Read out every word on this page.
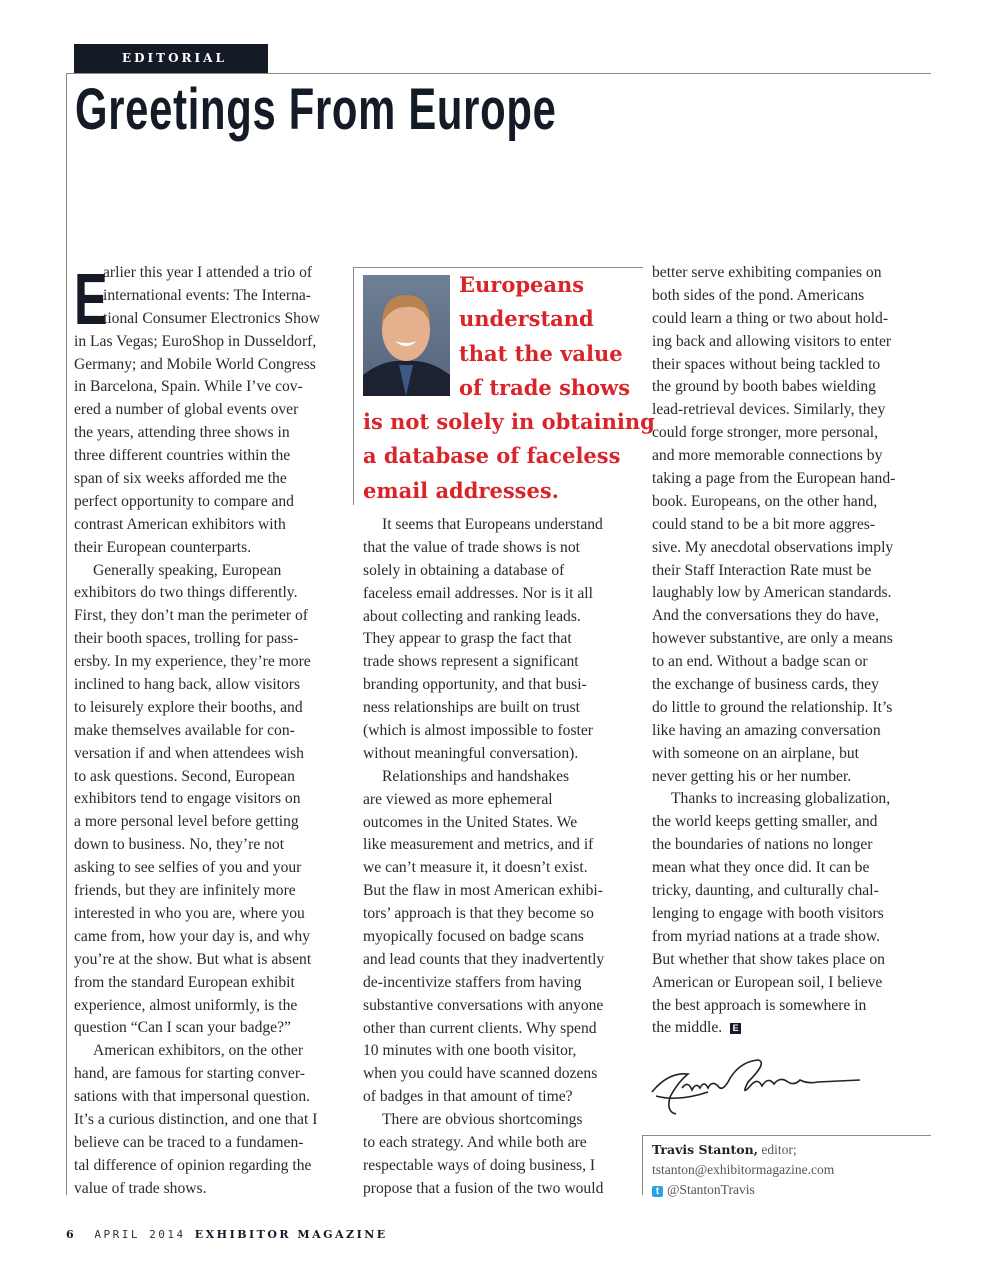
EDITORIAL
Greetings From Europe
E
arlier this year I attended a trio of
international events: The Interna-
tional Consumer Electronics Show
in Las Vegas; EuroShop in Dusseldorf,
Germany; and Mobile World Congress
in Barcelona, Spain. While I’ve cov-
ered a number of global events over
the years, attending three shows in
three different countries within the
span of six weeks afforded me the
perfect opportunity to compare and
contrast American exhibitors with
their European counterparts.
Generally speaking, European
exhibitors do two things differently.
First, they don’t man the perimeter of
their booth spaces, trolling for pass-
ersby. In my experience, they’re more
inclined to hang back, allow visitors
to leisurely explore their booths, and
make themselves available for con-
versation if and when attendees wish
to ask questions. Second, European
exhibitors tend to engage visitors on
a more personal level before getting
down to business. No, they’re not
asking to see selfies of you and your
friends, but they are infinitely more
interested in who you are, where you
came from, how your day is, and why
you’re at the show. But what is absent
from the standard European exhibit
experience, almost uniformly, is the
question “Can I scan your badge?”
American exhibitors, on the other
hand, are famous for starting conver-
sations with that impersonal question.
It’s a curious distinction, and one that I
believe can be traced to a fundamen-
tal difference of opinion regarding the
value of trade shows.
Europeans
understand
that the value
of trade shows
is not solely in obtaining
a database of faceless
email addresses.
It seems that Europeans understand
that the value of trade shows is not
solely in obtaining a database of
faceless email addresses. Nor is it all
about collecting and ranking leads.
They appear to grasp the fact that
trade shows represent a significant
branding opportunity, and that busi-
ness relationships are built on trust
(which is almost impossible to foster
without meaningful conversation).
Relationships and handshakes
are viewed as more ephemeral
outcomes in the United States. We
like measurement and metrics, and if
we can’t measure it, it doesn’t exist.
But the flaw in most American exhibi-
tors’ approach is that they become so
myopically focused on badge scans
and lead counts that they inadvertently
de-incentivize staffers from having
substantive conversations with anyone
other than current clients. Why spend
10 minutes with one booth visitor,
when you could have scanned dozens
of badges in that amount of time?
There are obvious shortcomings
to each strategy. And while both are
respectable ways of doing business, I
propose that a fusion of the two would
better serve exhibiting companies on
both sides of the pond. Americans
could learn a thing or two about hold-
ing back and allowing visitors to enter
their spaces without being tackled to
the ground by booth babes wielding
lead-retrieval devices. Similarly, they
could forge stronger, more personal,
and more memorable connections by
taking a page from the European hand-
book. Europeans, on the other hand,
could stand to be a bit more aggres-
sive. My anecdotal observations imply
their Staff Interaction Rate must be
laughably low by American standards.
And the conversations they do have,
however substantive, are only a means
to an end. Without a badge scan or
the exchange of business cards, they
do little to ground the relationship. It’s
like having an amazing conversation
with someone on an airplane, but
never getting his or her number.
Thanks to increasing globalization,
the world keeps getting smaller, and
the boundaries of nations no longer
mean what they once did. It can be
tricky, daunting, and culturally chal-
lenging to engage with booth visitors
from myriad nations at a trade show.
But whether that show takes place on
American or European soil, I believe
the best approach is somewhere in
the middle. E
Travis Stanton, editor;
tstanton@exhibitormagazine.com
t @StantonTravis
6 APRIL 2014 EXHIBITOR MAGAZINE
